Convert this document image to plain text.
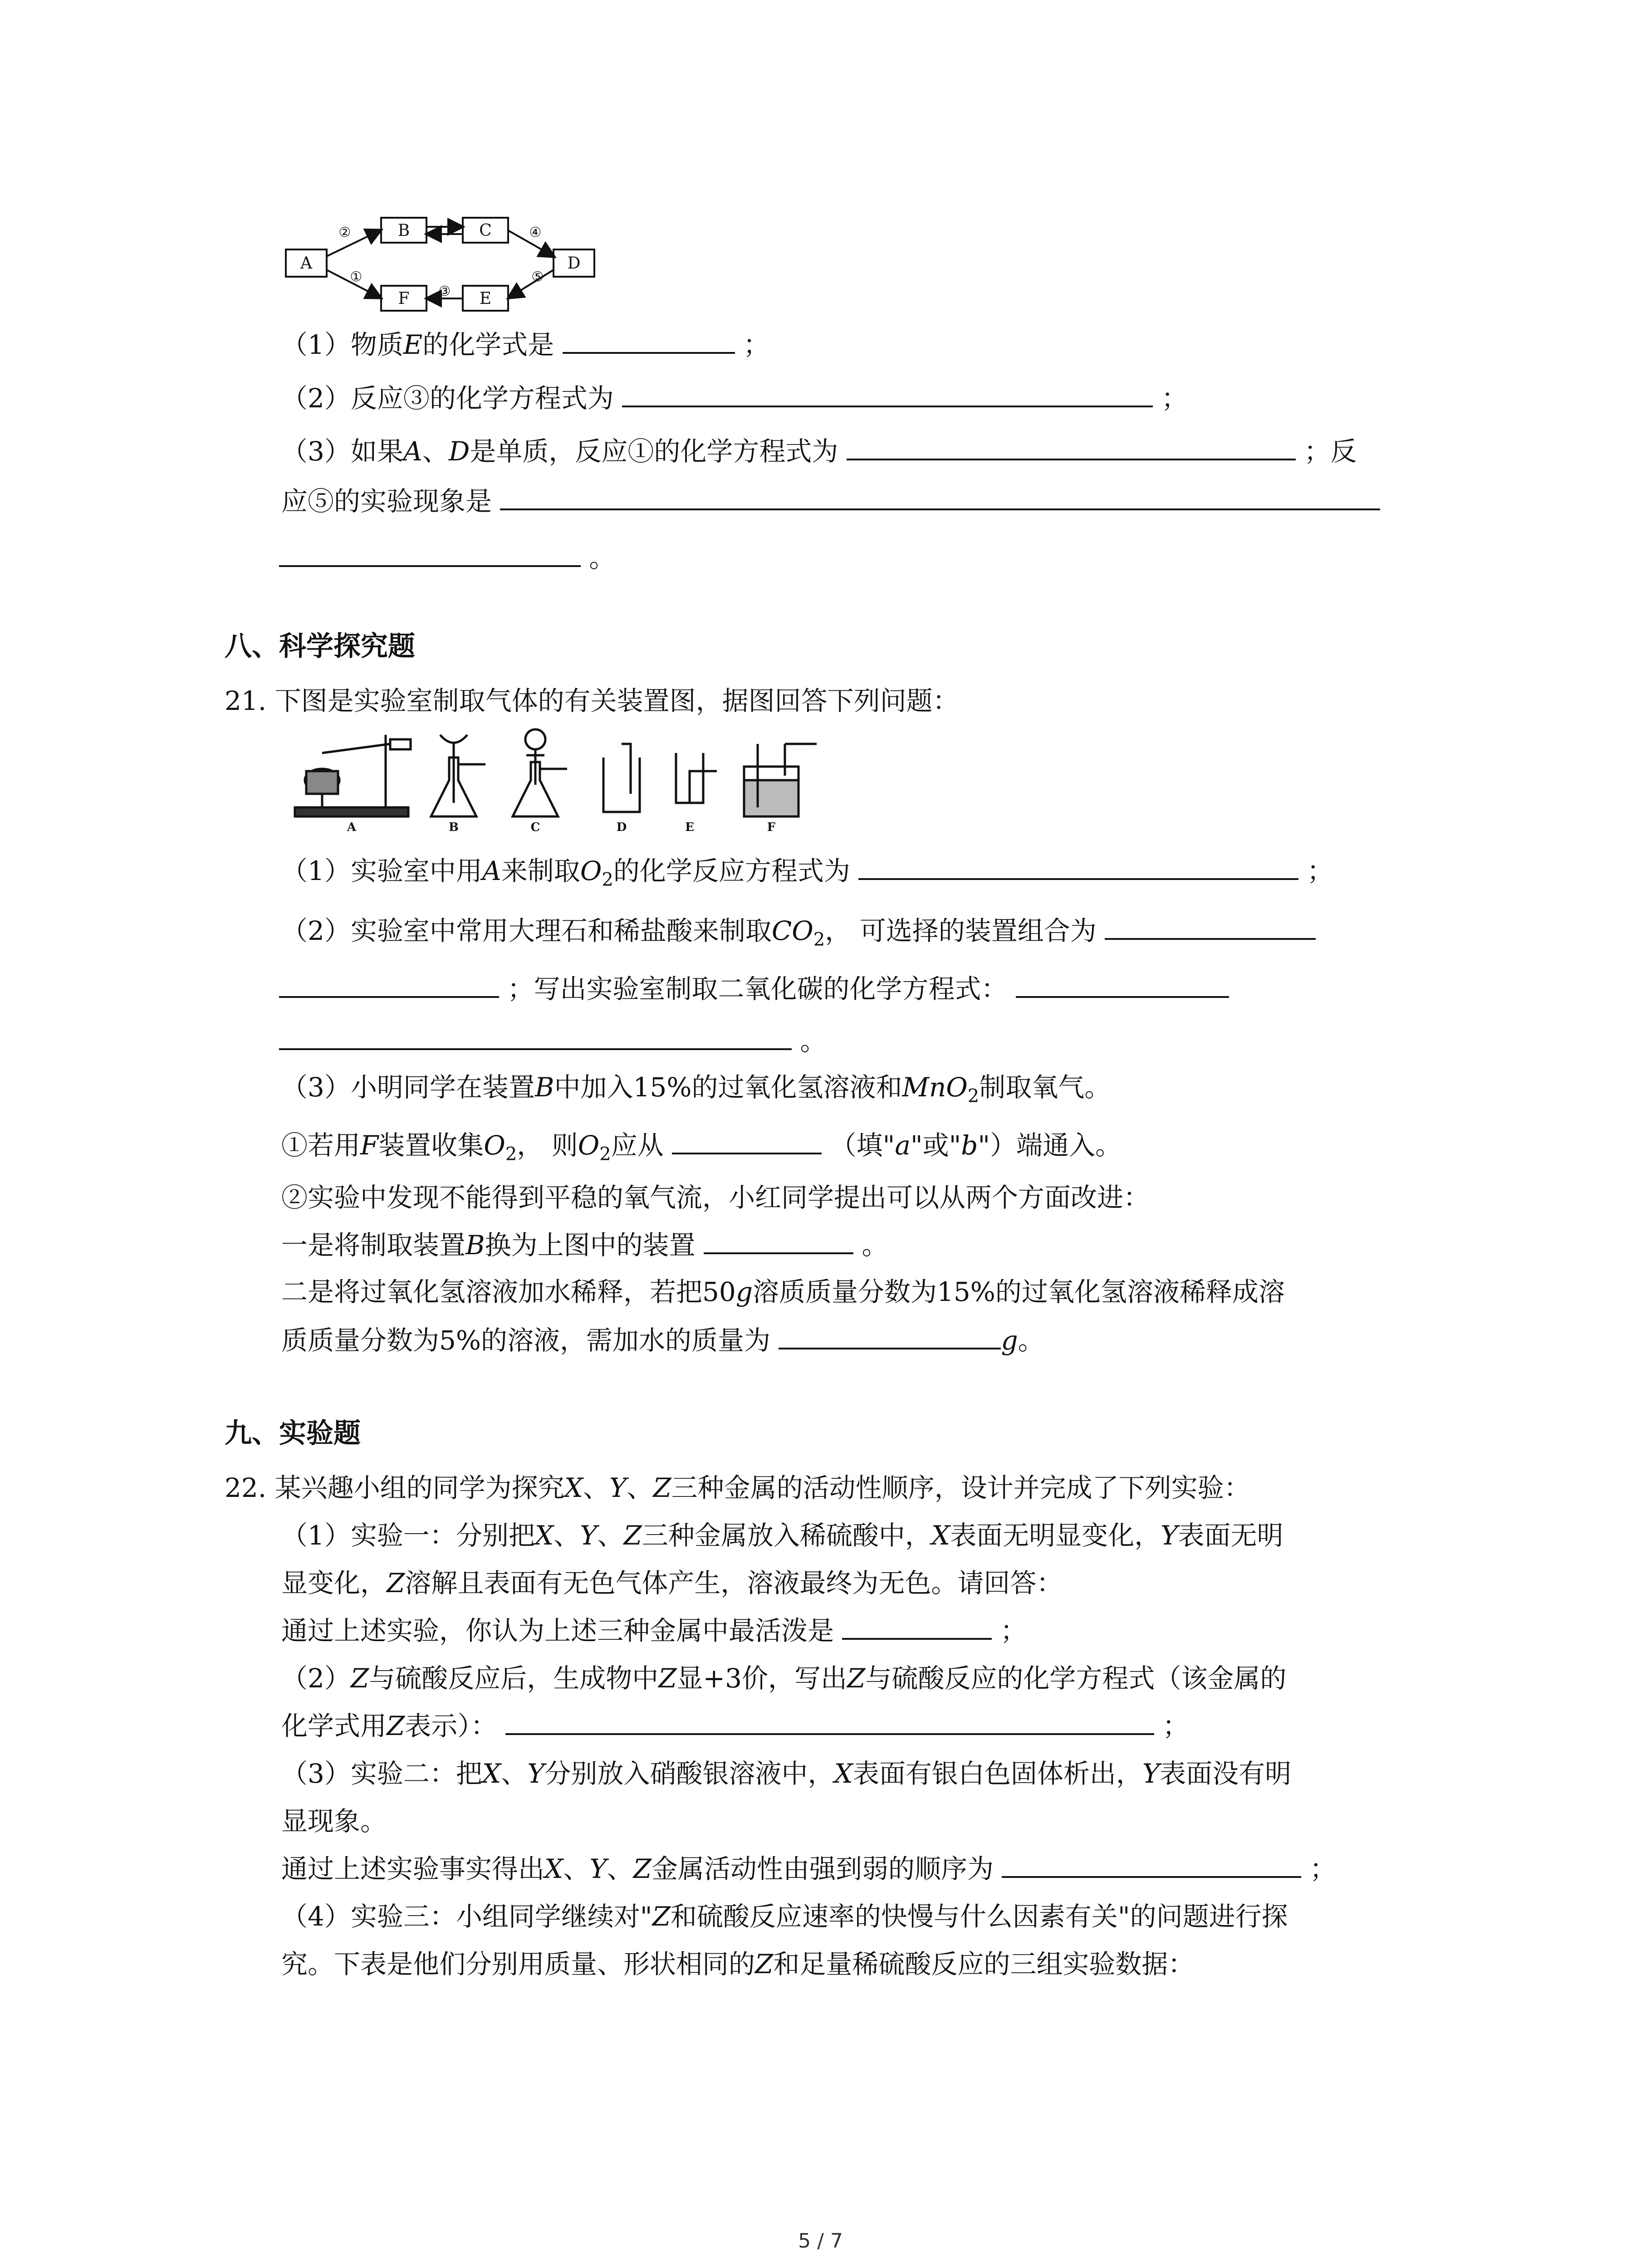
A
B	C
D
E
F
①
②
③
④
⑤
（1）物质E的化学式是	；
（2）反应③的化学方程式为	；
（3）如果A、D是单质，反应①的化学方程式为	；反
应⑤的实验现象是
。
八、科学探究题
21. 下图是实验室制取气体的有关装置图，据图回答下列问题：
A	B	C	D	E	F
（1）实验室中用A来制取$O_2$的化学反应方程式为	；
（2）实验室中常用大理石和稀盐酸来制取$CO_2$， 可选择的装置组合为
；写出实验室制取二氧化碳的化学方程式：
。
（3）小明同学在装置B中加入15%的过氧化氢溶液和MnO$_2$制取氧气。
①若用F装置收集$O_2$， 则$O_2$应从	（填"a"或"b"）端通入。
②实验中发现不能得到平稳的氧气流，小红同学提出可以从两个方面改进：
一是将制取装置B换为上图中的装置	。
二是将过氧化氢溶液加水稀释，若把50g溶质质量分数为15%的过氧化氢溶液稀释成溶
质质量分数为5%的溶液，需加水的质量为	g。
九、实验题
22. 某兴趣小组的同学为探究X、Y、Z三种金属的活动性顺序，设计并完成了下列实验：
（1）实验一：分别把X、Y、Z三种金属放入稀硫酸中，X表面无明显变化，Y表面无明
显变化，Z溶解且表面有无色气体产生，溶液最终为无色。请回答：
通过上述实验，你认为上述三种金属中最活泼是	；
（2）Z与硫酸反应后，生成物中Z显+3价，写出Z与硫酸反应的化学方程式（该金属的
化学式用Z表示）：	；
（3）实验二：把X、Y分别放入硝酸银溶液中，X表面有银白色固体析出，Y表面没有明
显现象。
通过上述实验事实得出X、Y、Z金属活动性由强到弱的顺序为	；
（4）实验三：小组同学继续对"Z和硫酸反应速率的快慢与什么因素有关"的问题进行探
究。下表是他们分别用质量、形状相同的Z和足量稀硫酸反应的三组实验数据：
5 / 7
